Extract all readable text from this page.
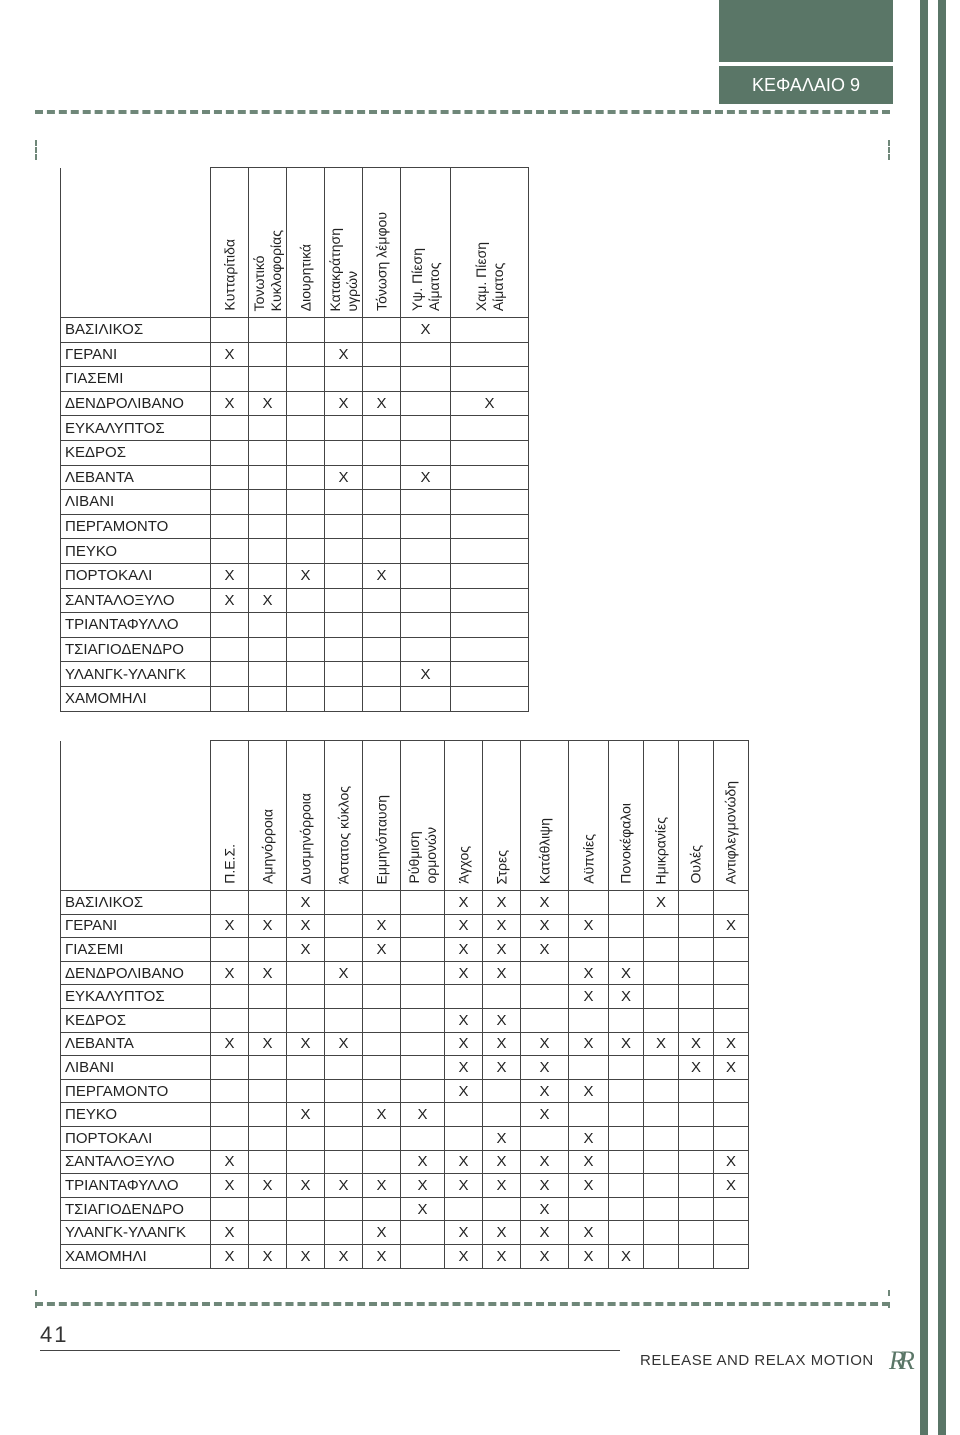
ΚΕΦΑΛΑΙΟ 9

	Κυτταρίτιδα	Τονωτικό
Κυκλοφορίας	Διουρητικά	Κατακράτηση
υγρών	Τόνωση λέμφου	Υψ. Πίεση
Αίματος	Χαμ. Πίεση
Αίματος

ΒΑΣΙΛΙΚΟΣ						X	
ΓΕΡΑΝΙ	X			X			
ΓΙΑΣΕΜΙ							
ΔΕΝΔΡΟΛΙΒΑΝΟ	X	X		X	X		X
ΕΥΚΑΛΥΠΤΟΣ							
ΚΕΔΡΟΣ							
ΛΕΒΑΝΤΑ				X		X	
ΛΙΒΑΝΙ							
ΠΕΡΓΑΜΟΝΤΟ							
ΠΕΥΚΟ							
ΠΟΡΤΟΚΑΛΙ	X		X		X		
ΣΑΝΤΑΛΟΞΥΛΟ	X	X					
ΤΡΙΑΝΤΑΦΥΛΛΟ							
ΤΣΙΑΓΙΟΔΕΝΔΡΟ							
ΥΛΑΝΓΚ-ΥΛΑΝΓΚ						X	
ΧΑΜΟΜΗΛΙ							

	Π.Ε.Σ.	Αμηνόρροια	Δυσμηνόρροια	Άστατος κύκλος	Εμμηνόπαυση	Ρύθμιση
ορμονών	Άγχος	Στρες	Κατάθλιψη	Αϋπνίες	Πονοκέφαλοι	Ημικρανίες	Ουλές	Αντιφλεγμονώδη

ΒΑΣΙΛΙΚΟΣ			X				X	X	X			X		
ΓΕΡΑΝΙ	X	X	X		X		X	X	X	X				X
ΓΙΑΣΕΜΙ			X		X		X	X	X					
ΔΕΝΔΡΟΛΙΒΑΝΟ	X	X		X			X	X		X	X			
ΕΥΚΑΛΥΠΤΟΣ										X	X			
ΚΕΔΡΟΣ							X	X						
ΛΕΒΑΝΤΑ	X	X	X	X			X	X	X	X	X	X	X	X
ΛΙΒΑΝΙ							X	X	X				X	X
ΠΕΡΓΑΜΟΝΤΟ							X		X	X				
ΠΕΥΚΟ			X		X	X			X					
ΠΟΡΤΟΚΑΛΙ								X		X				
ΣΑΝΤΑΛΟΞΥΛΟ	X					X	X	X	X	X				X
ΤΡΙΑΝΤΑΦΥΛΛΟ	X	X	X	X	X	X	X	X	X	X				X
ΤΣΙΑΓΙΟΔΕΝΔΡΟ						X			X					
ΥΛΑΝΓΚ-ΥΛΑΝΓΚ	X				X		X	X	X	X				
ΧΑΜΟΜΗΛΙ	X	X	X	X	X		X	X	X	X	X			
41
RELEASE AND RELAX MOTION RR
